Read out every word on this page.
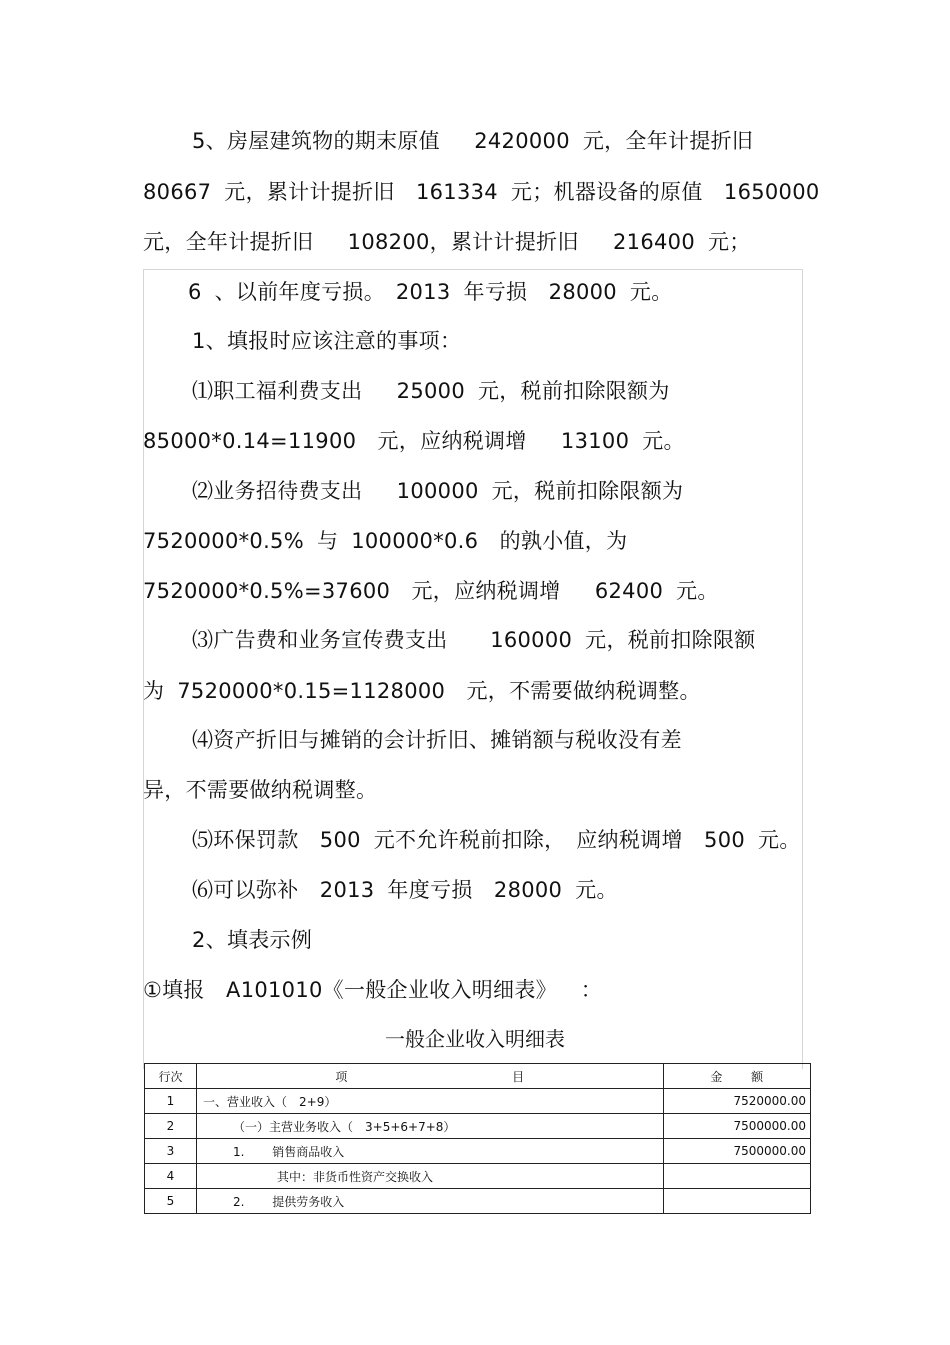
5、房屋建筑物的期末原值　 2420000 元，全年计提折旧
80667 元，累计计提折旧　161334 元；机器设备的原值　1650000
元，全年计提折旧　 108200，累计计提折旧　 216400 元；
6 、以前年度亏损。　2013 年亏损　28000 元。
1、填报时应该注意的事项：
⑴职工福利费支出　 25000 元，税前扣除限额为
85000*0.14=11900　元，应纳税调增　 13100 元。
⑵业务招待费支出　 100000 元，税前扣除限额为
7520000*0.5% 与 100000*0.6　的孰小值，为
7520000*0.5%=37600　元，应纳税调增　 62400 元。
⑶广告费和业务宣传费支出　　160000 元，税前扣除限额
为 7520000*0.15=1128000　元，不需要做纳税调整。
⑷资产折旧与摊销的会计折旧、摊销额与税收没有差
异，不需要做纳税调整。
⑸环保罚款　500 元不允许税前扣除，　应纳税调增　500 元。
⑹可以弥补　2013 年度亏损　28000 元。
2、填表示例
①填报　A101010《一般企业收入明细表》　 ：
一般企业收入明细表
行次	项 目	金 额
1	一、营业收入（　2+9）	7520000.00
2	（一）主营业务收入（　3+5+6+7+8）	7500000.00
3	1.　　 销售商品收入	7500000.00
4	其中：非货币性资产交换收入	
5	2.　　 提供劳务收入	
